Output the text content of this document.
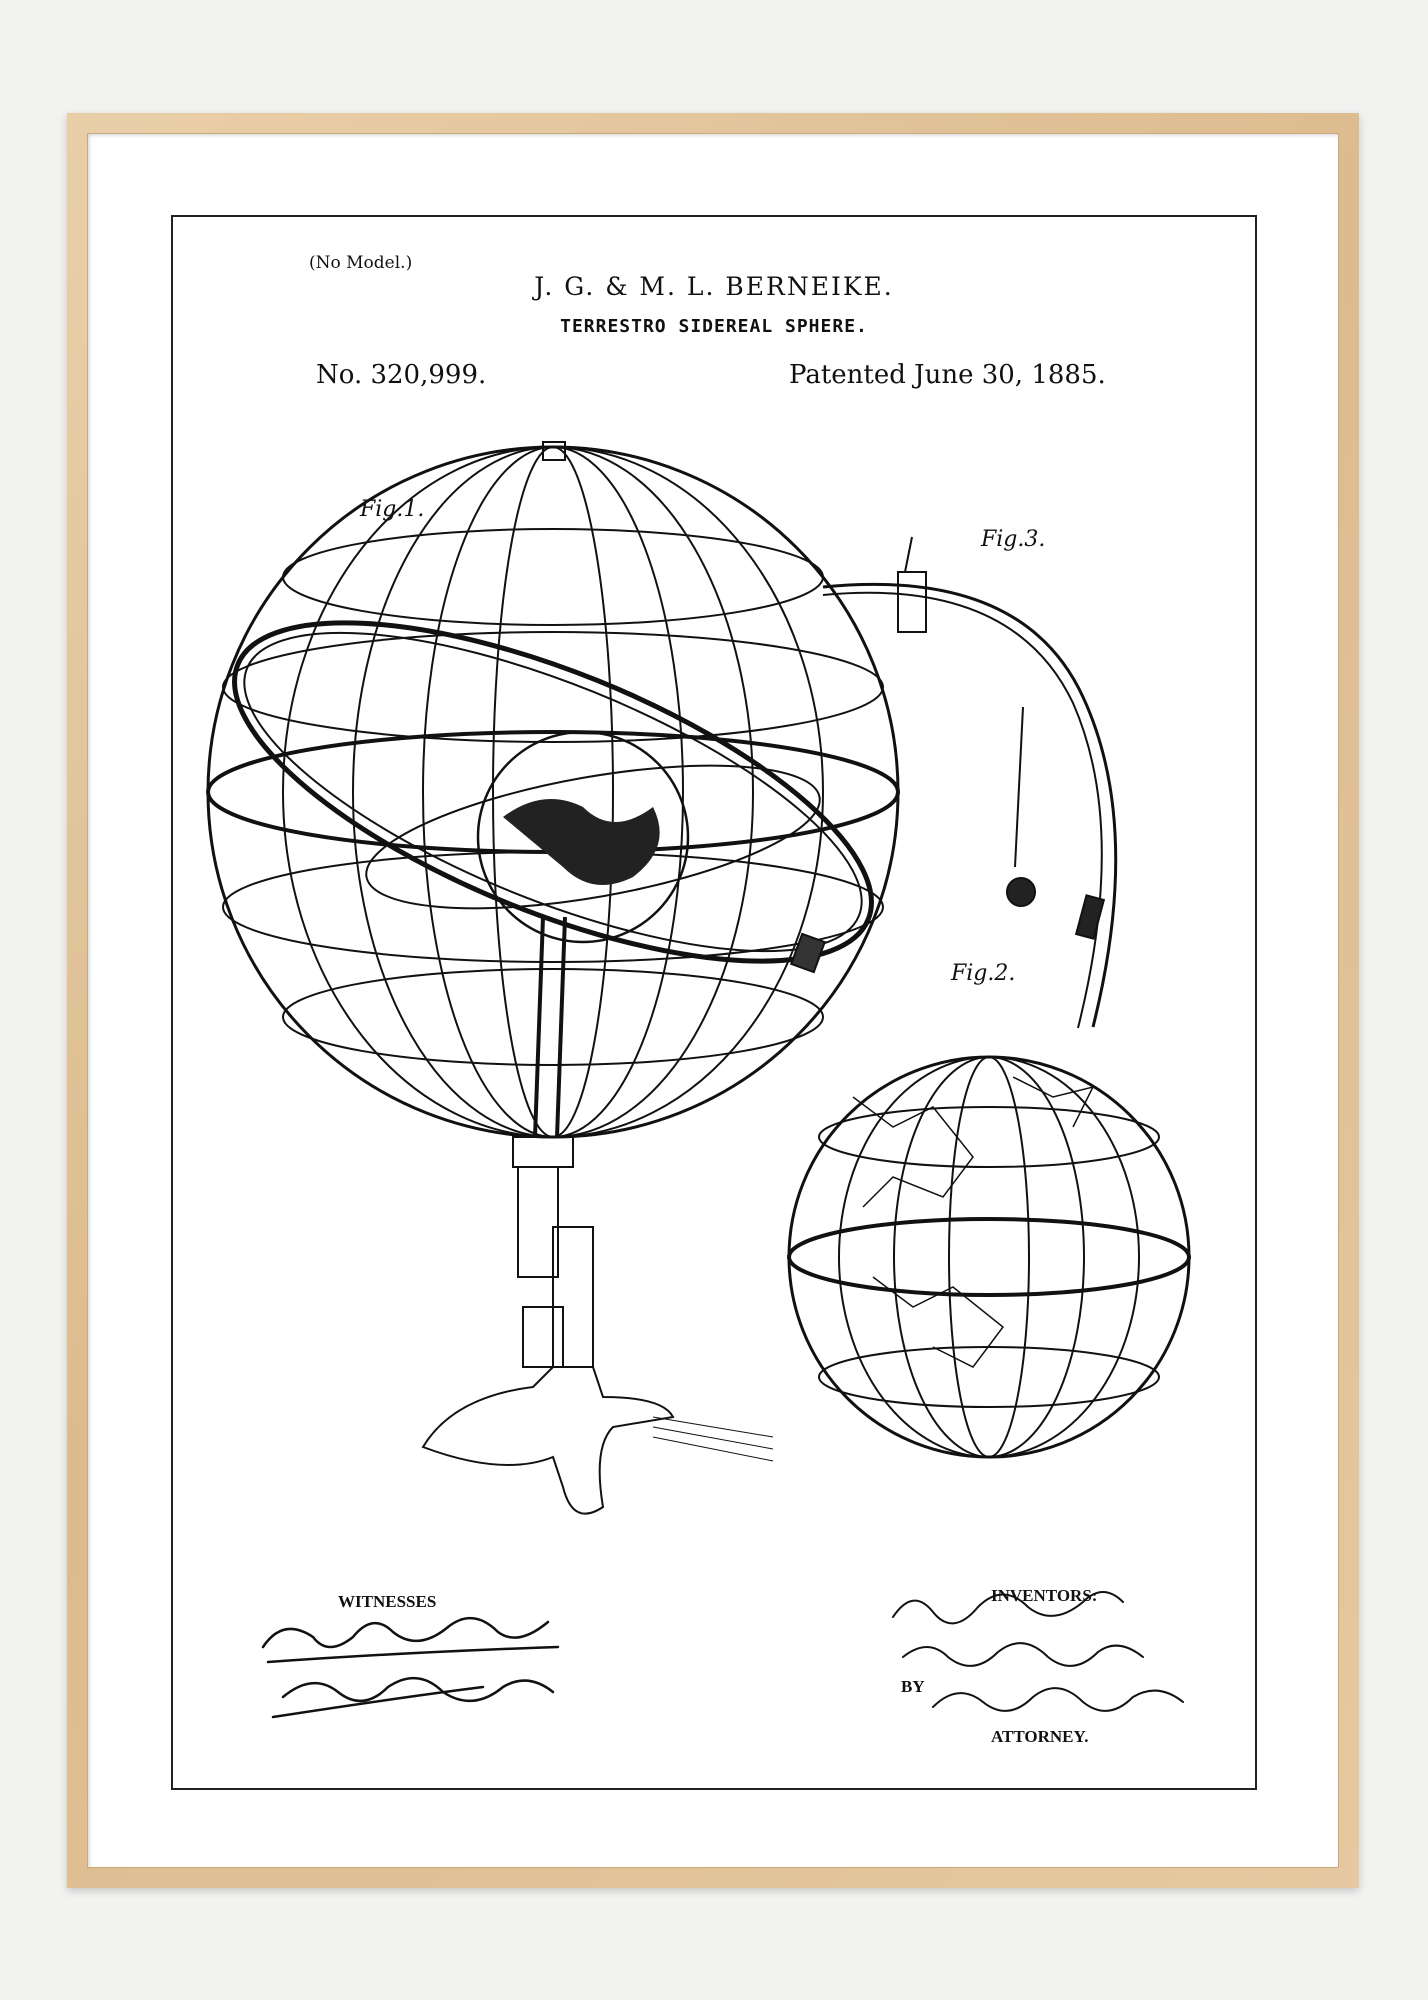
(No Model.)
J. G. & M. L. BERNEIKE.
TERRESTRO SIDEREAL SPHERE.
No. 320,999.	Patented June 30, 1885.
Fig.1.
Fig.3.
Fig.2.
WITNESSES	INVENTORS:
BY
ATTORNEY.
